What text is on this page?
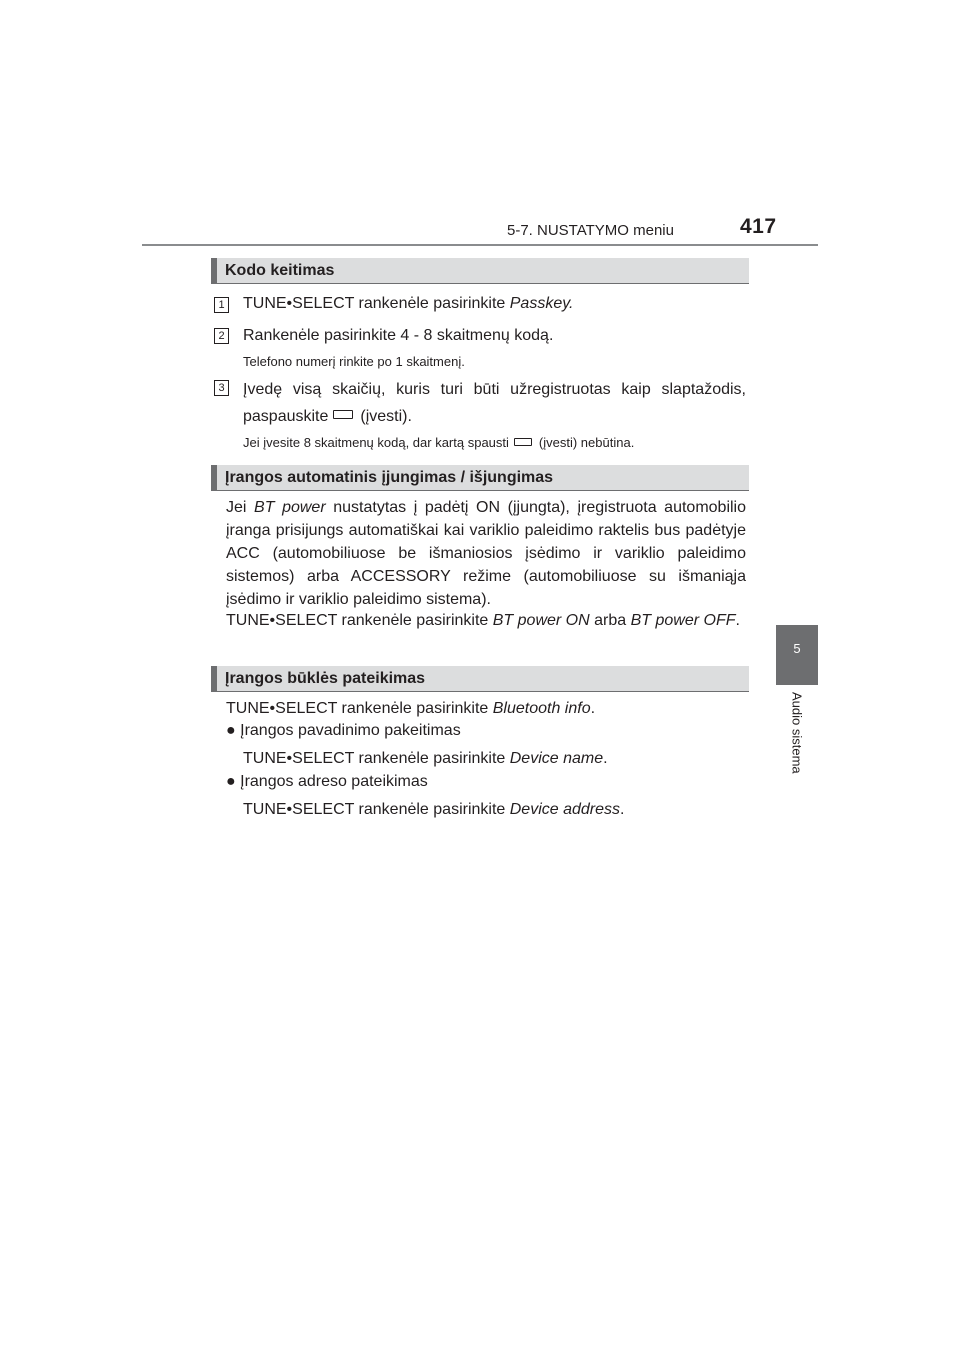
5-7. NUSTATYMO meniu	417
5
Audio sistema
Kodo keitimas
1 TUNE•SELECT rankenėle pasirinkite Passkey.
2 Rankenėle pasirinkite 4 - 8 skaitmenų kodą.
Telefono numerį rinkite po 1 skaitmenį.
3 Įvedę visą skaičių, kuris turi būti užregistruotas kaip slaptažodis,
paspauskite (įvesti).
Jei įvesite 8 skaitmenų kodą, dar kartą spausti (įvesti) nebūtina.
Įrangos automatinis įjungimas / išjungimas
Jei BT power nustatytas į padėtį ON (įjungta), įregistruota automobilio įranga prisijungs automatiškai kai variklio paleidimo raktelis bus padėtyje ACC (automobiliuose be išmaniosios įsėdimo ir variklio paleidimo sistemos) arba ACCESSORY režime (automobiliuose su išmaniąja įsėdimo ir variklio paleidimo sistema).
TUNE•SELECT rankenėle pasirinkite BT power ON arba BT power OFF.
Įrangos būklės pateikimas
TUNE•SELECT rankenėle pasirinkite Bluetooth info.
● Įrangos pavadinimo pakeitimas
TUNE•SELECT rankenėle pasirinkite Device name.
● Įrangos adreso pateikimas
TUNE•SELECT rankenėle pasirinkite Device address.
